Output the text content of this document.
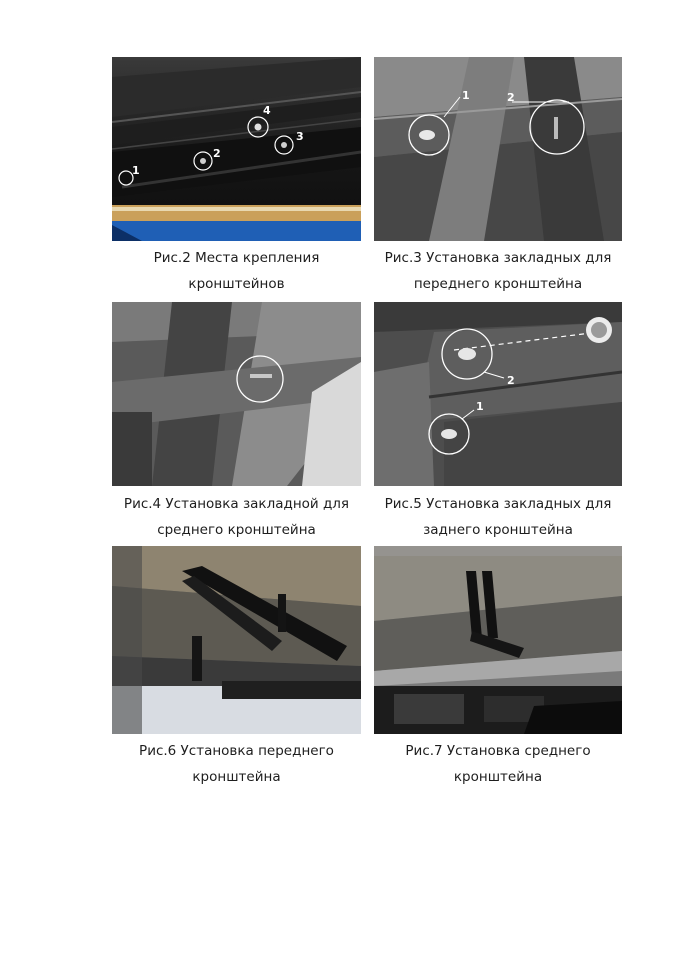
1
2
3
4
Рис.2 Места крепления
кронштейнов
1	2
Рис.3 Установка закладных для
переднего кронштейна
Рис.4 Установка закладной для
среднего кронштейна
2
1
Рис.5 Установка закладных для
заднего кронштейна
Рис.6 Установка переднего
кронштейна
Рис.7 Установка среднего
кронштейна
